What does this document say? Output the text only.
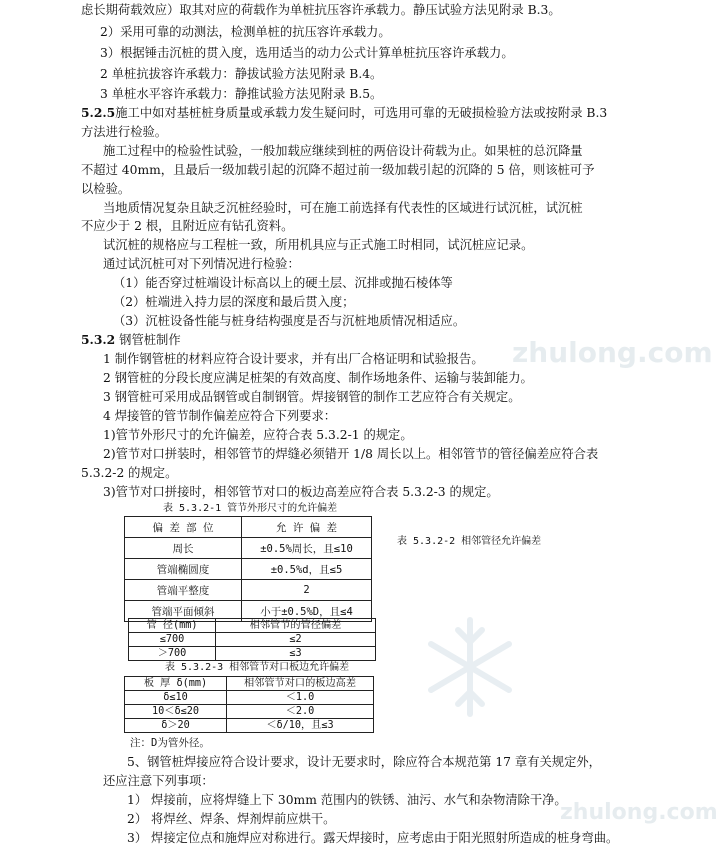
虑长期荷载效应）取其对应的荷载作为单桩抗压容许承载力。静压试验方法见附录 B.3。
2）采用可靠的动测法，检测单桩的抗压容许承载力。
3）根据锤击沉桩的贯入度，选用适当的动力公式计算单桩抗压容许承载力。
2 单桩抗拔容许承载力：静拔试验方法见附录 B.4。
3 单桩水平容许承载力：静推试验方法见附录 B.5。
5.2.5施工中如对基桩桩身质量或承载力发生疑问时，可选用可靠的无破损检验方法或按附录 B.3
方法进行检验。
施工过程中的检验性试验，一般加载应继续到桩的两倍设计荷载为止。如果桩的总沉降量
不超过 40mm，且最后一级加载引起的沉降不超过前一级加载引起的沉降的 5 倍，则该桩可予
以检验。
当地质情况复杂且缺乏沉桩经验时，可在施工前选择有代表性的区域进行试沉桩，试沉桩
不应少于 2 根，且附近应有钻孔资料。
试沉桩的规格应与工程桩一致，所用机具应与正式施工时相同，试沉桩应记录。
通过试沉桩可对下列情况进行检验：
（1）能否穿过桩端设计标高以上的硬土层、沉排或抛石棱体等
（2）桩端进入持力层的深度和最后贯入度；
（3）沉桩设备性能与桩身结构强度是否与沉桩地质情况相适应。
5.3.2 钢管桩制作
1 制作钢管桩的材料应符合设计要求，并有出厂合格证明和试验报告。
2 钢管桩的分段长度应满足桩架的有效高度、制作场地条件、运输与装卸能力。
3 钢管桩可采用成品钢管或自制钢管。焊接钢管的制作工艺应符合有关规定。
4 焊接管的管节制作偏差应符合下列要求：
1)管节外形尺寸的允许偏差，应符合表 5.3.2-1 的规定。
2)管节对口拼装时，相邻管节的焊缝必须错开 1/8 周长以上。相邻管节的管径偏差应符合表
5.3.2-2 的规定。
3)管节对口拼接时，相邻管节对口的板边高差应符合表 5.3.2-3 的规定。
表 5.3.2-1 管节外形尺寸的允许偏差
偏 差 部 位	允 许 偏 差
周长	±0.5%周长，且≤10
管端椭圆度	±0.5%d，且≤5
管端平整度	2
管端平面倾斜	小于±0.5%D，且≤4
表 5.3.2-2 相邻管径允许偏差
管 径(mm)	相邻管节的管径偏差
≤700	≤2
＞700	≤3
表 5.3.2-3 相邻管节对口板边允许偏差
板 厚 δ(mm)	相邻管节对口的板边高差
δ≤10	＜1.0
10＜δ≤20	＜2.0
δ＞20	＜δ/10，且≤3
注：D为管外径。
5、钢管桩焊接应符合设计要求，设计无要求时，除应符合本规范第 17 章有关规定外，
还应注意下列事项：
1） 焊接前，应将焊缝上下 30mm 范围内的铁锈、油污、水气和杂物清除干净。
2） 将焊丝、焊条、焊剂焊前应烘干。
3） 焊接定位点和施焊应对称进行。露天焊接时，应考虑由于阳光照射所造成的桩身弯曲。
zhulong.com
zhulong.com
